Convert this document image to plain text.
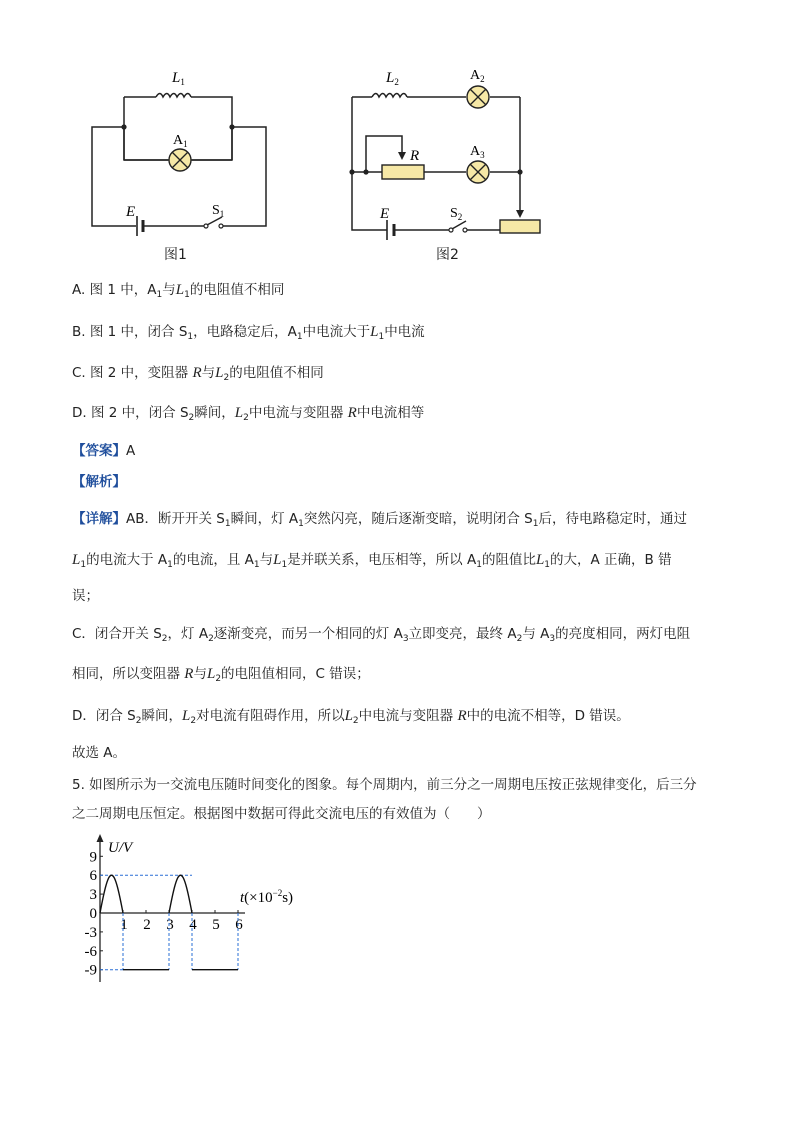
$L_1$
$A_1$
E	$S_1$
图1
$L_2$	$A_2$
$A_3$
R
E	$S_2$
图2
A. 图 1 中，$A_1$与$L_1$的电阻值不相同
B. 图 1 中，闭合 $S_1$，电路稳定后，$A_1$中电流大于$L_1$中电流
C. 图 2 中，变阻器 R与$L_2$的电阻值不相同
D. 图 2 中，闭合 $S_2$瞬间，$L_2$中电流与变阻器 R中电流相等
【答案】A
【解析】
【详解】AB．断开开关 $S_1$瞬间，灯 $A_1$突然闪亮，随后逐渐变暗，说明闭合 $S_1$后，待电路稳定时，通过
$L_1$的电流大于 $A_1$的电流，且 $A_1$与$L_1$是并联关系，电压相等，所以 $A_1$的阻值比$L_1$的大，A 正确，B 错
误；
C．闭合开关 $S_2$，灯 $A_2$逐渐变亮，而另一个相同的灯 $A_3$立即变亮，最终 $A_2$与 $A_3$的亮度相同，两灯电阻
相同，所以变阻器 R与$L_2$的电阻值相同，C 错误；
D．闭合 $S_2$瞬间，$L_2$对电流有阻碍作用，所以$L_2$中电流与变阻器 R中的电流不相等，D 错误。
故选 A。
5. 如图所示为一交流电压随时间变化的图象。每个周期内，前三分之一周期电压按正弦规律变化，后三分
之二周期电压恒定。根据图中数据可得此交流电压的有效值为（　　）
U/V
$t(\times 10^{-2}s)$
9
6
3
0
-3
-6
-9
1 2 3 4 5 6
